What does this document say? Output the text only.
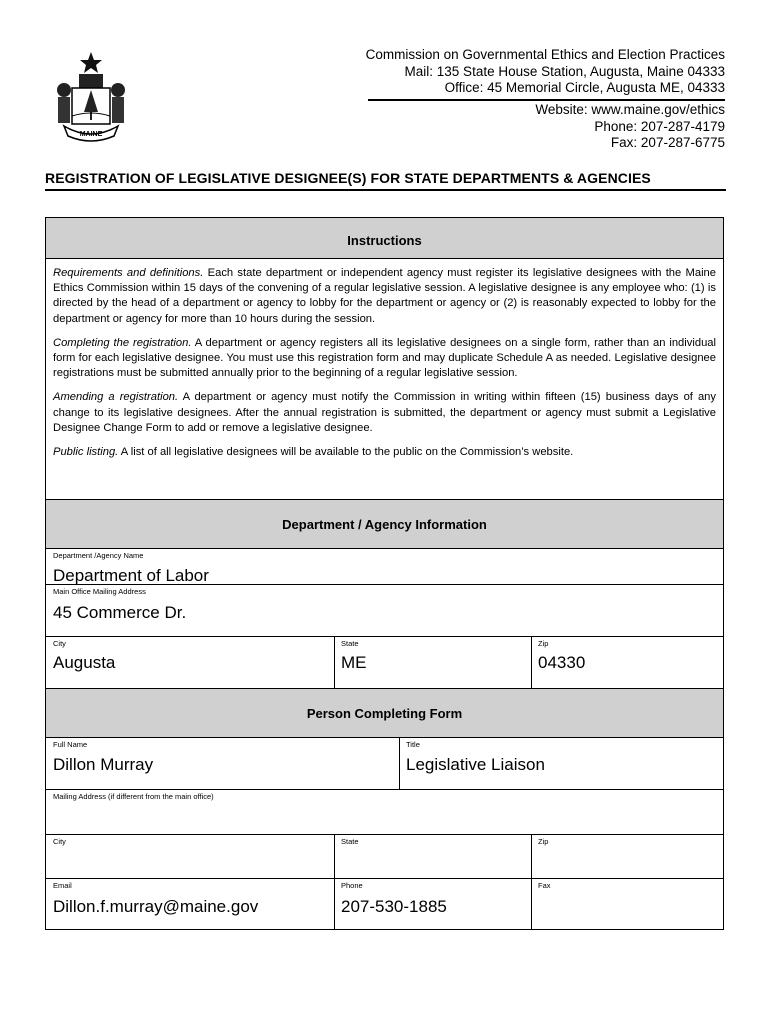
MAINE
Commission on Governmental Ethics and Election Practices
Mail: 135 State House Station, Augusta, Maine 04333
Office: 45 Memorial Circle, Augusta ME, 04333
Website: www.maine.gov/ethics
Phone: 207-287-4179
Fax: 207-287-6775
REGISTRATION OF LEGISLATIVE DESIGNEE(S) FOR STATE DEPARTMENTS & AGENCIES
Instructions

Requirements and definitions. Each state department or independent agency must register its legislative designees with the Maine Ethics Commission within 15 days of the convening of a regular legislative session. A legislative designee is any employee who: (1) is directed by the head of a department or agency to lobby for the department or agency or (2) is reasonably expected to lobby for the department or agency for more than 10 hours during the session.

Completing the registration. A department or agency registers all its legislative designees on a single form, rather than an individual form for each legislative designee. You must use this registration form and may duplicate Schedule A as needed. Legislative designee registrations must be submitted annually prior to the beginning of a regular legislative session.

Amending a registration. A department or agency must notify the Commission in writing within fifteen (15) business days of any change to its legislative designees. After the annual registration is submitted, the department or agency must submit a Legislative Designee Change Form to add or remove a legislative designee.

Public listing. A list of all legislative designees will be available to the public on the Commission’s website.

Department / Agency Information
Department /Agency Name
Department of Labor
Main Office Mailing Address
45 Commerce Dr.
City
Augusta
State
ME
Zip
04330
Person Completing Form
Full Name
Dillon Murray
Title
Legislative Liaison
Mailing Address (if different from the main office)
City	State	Zip
Email
Dillon.f.murray@maine.gov
Phone
207-530-1885
Fax
